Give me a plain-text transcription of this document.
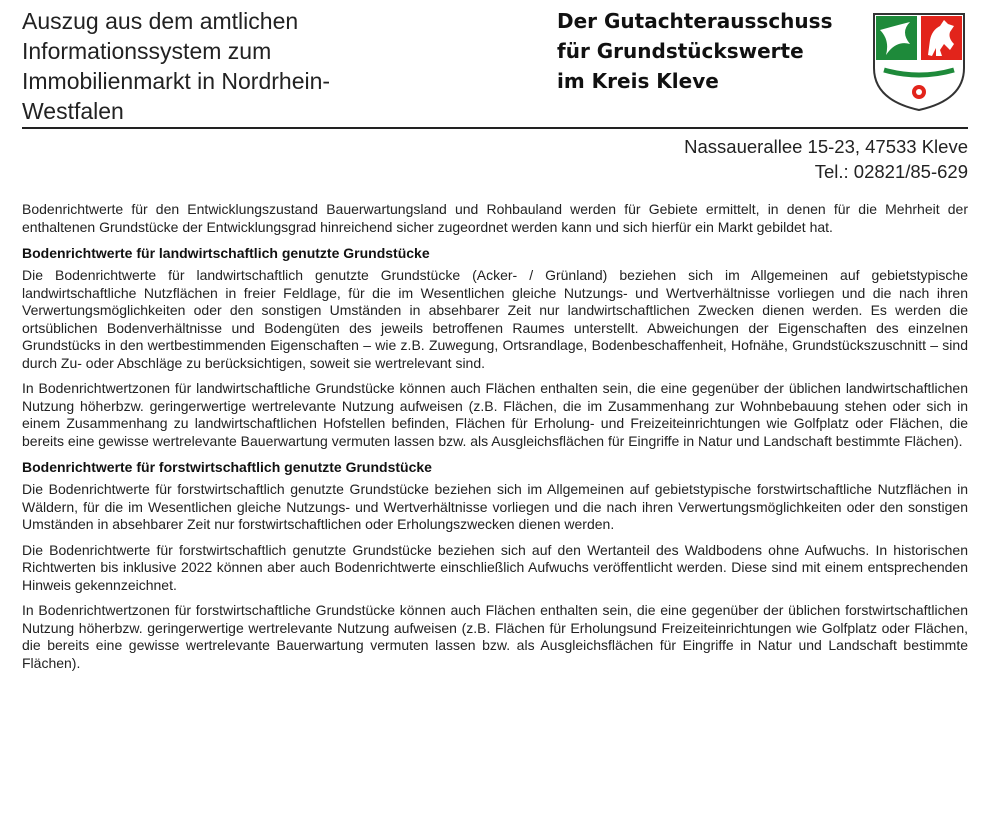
Auszug aus dem amtlichen
Informationssystem zum
Immobilienmarkt in Nordrhein-
Westfalen
Der Gutachterausschuss
für Grundstückswerte
im Kreis Kleve
Nassauerallee 15-23, 47533 Kleve
Tel.: 02821/85-629

Bodenrichtwerte für den Entwicklungszustand Bauerwartungsland und Rohbauland werden für Gebiete ermittelt, in denen für die Mehrheit der enthaltenen Grundstücke der Entwicklungsgrad hinreichend sicher zugeordnet werden kann und sich hierfür ein Markt gebildet hat.

Bodenrichtwerte für landwirtschaftlich genutzte Grundstücke

Die Bodenrichtwerte für landwirtschaftlich genutzte Grundstücke (Acker- / Grünland) beziehen sich im Allgemeinen auf gebietstypische landwirtschaftliche Nutzflächen in freier Feldlage, für die im Wesentlichen gleiche Nutzungs- und Wertverhältnisse vorliegen und die nach ihren Verwertungsmöglichkeiten oder den sonstigen Umständen in absehbarer Zeit nur landwirtschaftlichen Zwecken dienen werden. Es werden die ortsüblichen Bodenverhältnisse und Bodengüten des jeweils betroffenen Raumes unterstellt. Abweichungen der Eigenschaften des einzelnen Grundstücks in den wertbestimmenden Eigenschaften – wie z.B. Zuwegung, Ortsrandlage, Bodenbeschaffenheit, Hofnähe, Grundstückszuschnitt – sind durch Zu- oder Abschläge zu berücksichtigen, soweit sie wertrelevant sind.

In Bodenrichtwertzonen für landwirtschaftliche Grundstücke können auch Flächen enthalten sein, die eine gegenüber der üblichen landwirtschaftlichen Nutzung höherbzw. geringerwertige wertrelevante Nutzung aufweisen (z.B. Flächen, die im Zusammenhang zur Wohnbebauung stehen oder sich in einem Zusammenhang zu landwirtschaftlichen Hofstellen befinden, Flächen für Erholung- und Freizeiteinrichtungen wie Golfplatz oder Flächen, die bereits eine gewisse wertrelevante Bauerwartung vermuten lassen bzw. als Ausgleichsflächen für Eingriffe in Natur und Landschaft bestimmte Flächen).

Bodenrichtwerte für forstwirtschaftlich genutzte Grundstücke

Die Bodenrichtwerte für forstwirtschaftlich genutzte Grundstücke beziehen sich im Allgemeinen auf gebietstypische forstwirtschaftliche Nutzflächen in Wäldern, für die im Wesentlichen gleiche Nutzungs- und Wertverhältnisse vorliegen und die nach ihren Verwertungsmöglichkeiten oder den sonstigen Umständen in absehbarer Zeit nur forstwirtschaftlichen oder Erholungszwecken dienen werden.

Die Bodenrichtwerte für forstwirtschaftlich genutzte Grundstücke beziehen sich auf den Wertanteil des Waldbodens ohne Aufwuchs. In historischen Richtwerten bis inklusive 2022 können aber auch Bodenrichtwerte einschließlich Aufwuchs veröffentlicht werden. Diese sind mit einem entsprechenden Hinweis gekennzeichnet.

In Bodenrichtwertzonen für forstwirtschaftliche Grundstücke können auch Flächen enthalten sein, die eine gegenüber der üblichen forstwirtschaftlichen Nutzung höherbzw. geringerwertige wertrelevante Nutzung aufweisen (z.B. Flächen für Erholungsund Freizeiteinrichtungen wie Golfplatz oder Flächen, die bereits eine gewisse wertrelevante Bauerwartung vermuten lassen bzw. als Ausgleichsflächen für Eingriffe in Natur und Landschaft bestimmte Flächen).
